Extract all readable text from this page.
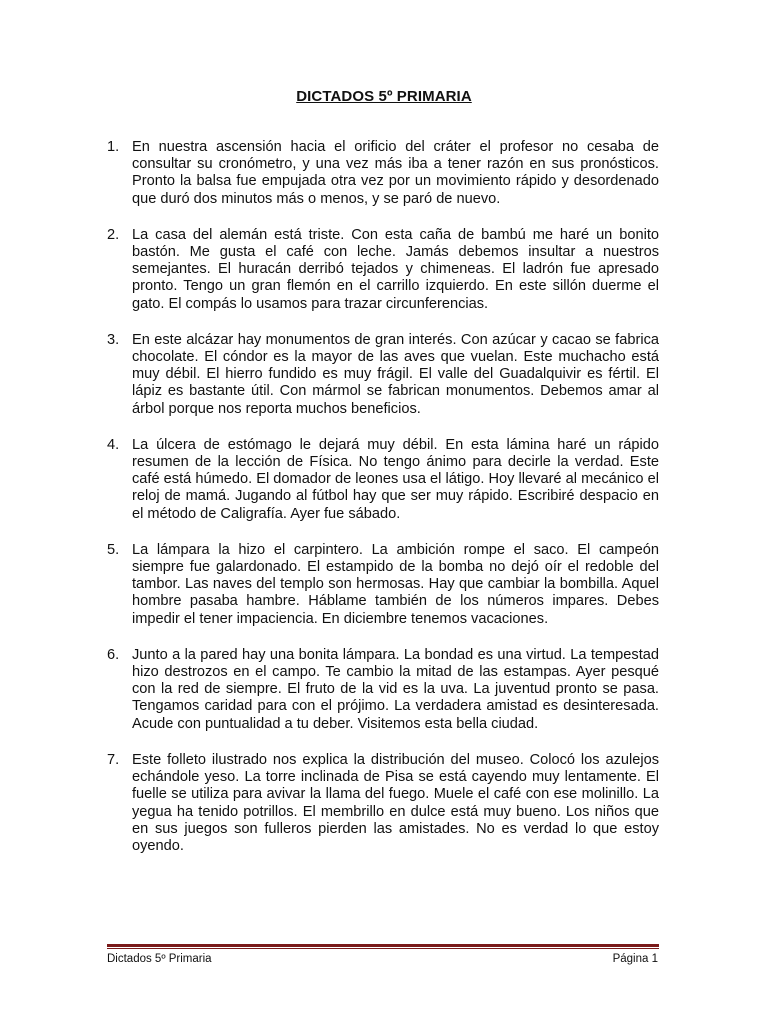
DICTADOS 5º PRIMARIA
1. En nuestra ascensión hacia el orificio del cráter el profesor no cesaba de consultar su cronómetro, y una vez más iba a tener razón en sus pronósticos. Pronto la balsa fue empujada otra vez por un movimiento rápido y desordenado que duró dos minutos más o menos, y se paró de nuevo.
2. La casa del alemán está triste. Con esta caña de bambú me haré un bonito bastón. Me gusta el café con leche. Jamás debemos insultar a nuestros semejantes. El huracán derribó tejados y chimeneas. El ladrón fue apresado pronto. Tengo un gran flemón en el carrillo izquierdo. En este sillón duerme el gato. El compás lo usamos para trazar circunferencias.
3. En este alcázar hay monumentos de gran interés. Con azúcar y cacao se fabrica chocolate. El cóndor es la mayor de las aves que vuelan. Este muchacho está muy débil. El hierro fundido es muy frágil. El valle del Guadalquivir es fértil. El lápiz es bastante útil. Con mármol se fabrican monumentos. Debemos amar al árbol porque nos reporta muchos beneficios.
4. La úlcera de estómago le dejará muy débil. En esta lámina haré un rápido resumen de la lección de Física. No tengo ánimo para decirle la verdad. Este café está húmedo. El domador de leones usa el látigo. Hoy llevaré al mecánico el reloj de mamá. Jugando al fútbol hay que ser muy rápido. Escribiré despacio en el método de Caligrafía. Ayer fue sábado.
5. La lámpara la hizo el carpintero. La ambición rompe el saco. El campeón siempre fue galardonado. El estampido de la bomba no dejó oír el redoble del tambor. Las naves del templo son hermosas. Hay que cambiar la bombilla. Aquel hombre pasaba hambre. Háblame también de los números impares. Debes impedir el tener impaciencia. En diciembre tenemos vacaciones.
6. Junto a la pared hay una bonita lámpara. La bondad es una virtud. La tempestad hizo destrozos en el campo. Te cambio la mitad de las estampas. Ayer pesqué con la red de siempre. El fruto de la vid es la uva. La juventud pronto se pasa. Tengamos caridad para con el prójimo. La verdadera amistad es desinteresada. Acude con puntualidad a tu deber. Visitemos esta bella ciudad.
7. Este folleto ilustrado nos explica la distribución del museo. Colocó los azulejos echándole yeso. La torre inclinada de Pisa se está cayendo muy lentamente. El fuelle se utiliza para avivar la llama del fuego. Muele el café con ese molinillo. La yegua ha tenido potrillos. El membrillo en dulce está muy bueno. Los niños que en sus juegos son fulleros pierden las amistades. No es verdad lo que estoy oyendo.
Dictados 5º Primaria	Página 1
